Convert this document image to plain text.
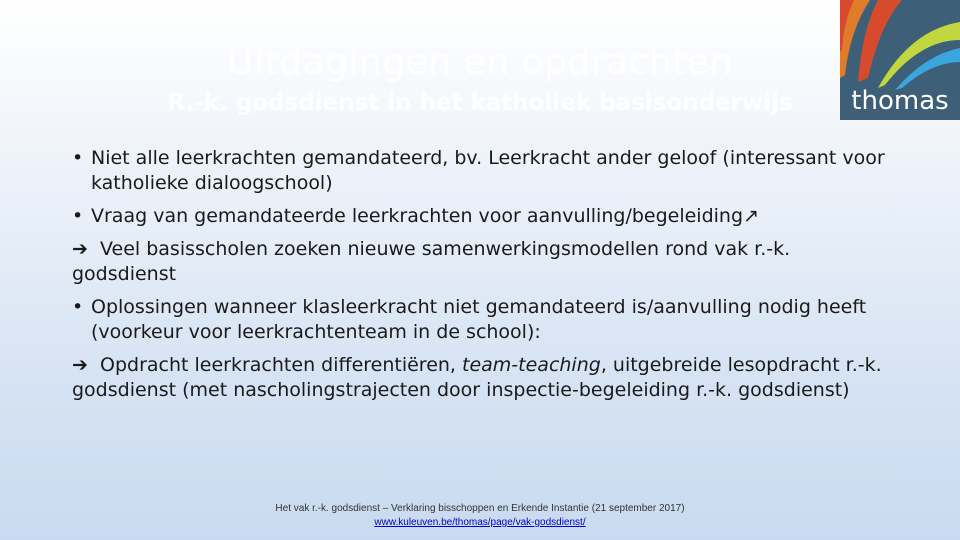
Uitdagingen en opdrachten
R.-k. godsdienst in het katholiek basisonderwijs	thomas

• Niet alle leerkrachten gemandateerd, bv. Leerkracht ander geloof (interessant voor katholieke dialoogschool)

• Vraag van gemandateerde leerkrachten voor aanvulling/begeleiding↗

➔ Veel basisscholen zoeken nieuwe samenwerkingsmodellen rond vak r.-k. godsdienst

• Oplossingen wanneer klasleerkracht niet gemandateerd is/aanvulling nodig heeft (voorkeur voor leerkrachtenteam in de school):

➔ Opdracht leerkrachten differentiëren, team-teaching, uitgebreide lesopdracht r.-k. godsdienst (met nascholingstrajecten door inspectie-begeleiding r.-k. godsdienst)

Het vak r.-k. godsdienst – Verklaring bisschoppen en Erkende Instantie (21 september 2017)
www.kuleuven.be/thomas/page/vak-godsdienst/
